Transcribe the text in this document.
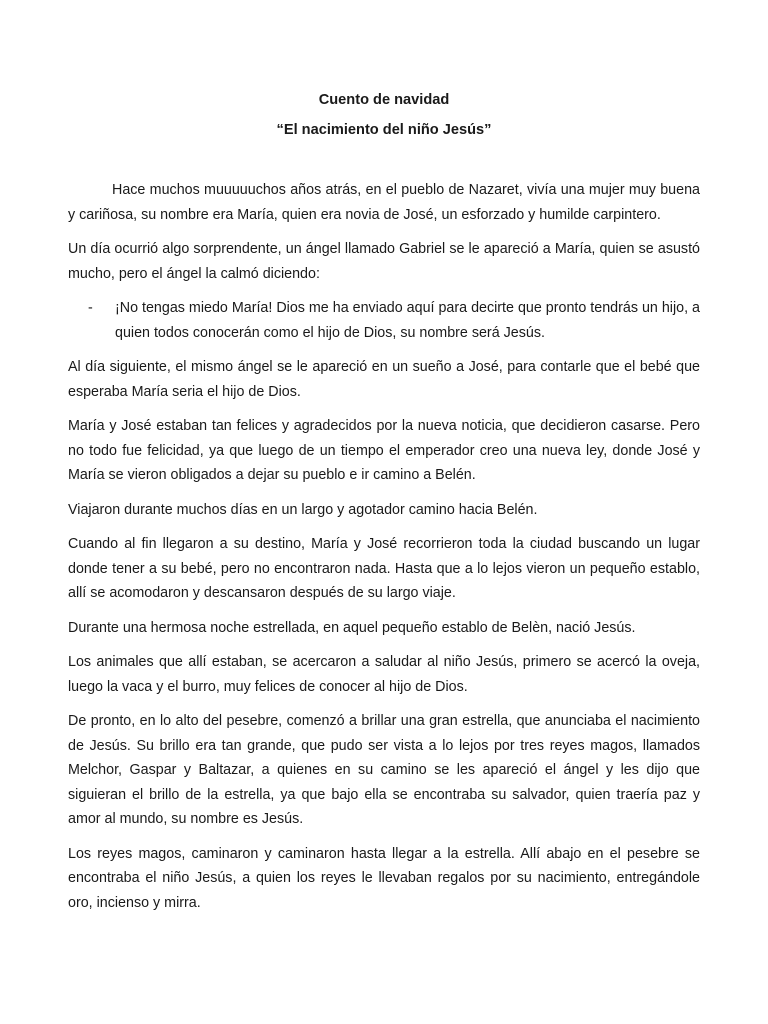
Cuento de navidad
“El nacimiento del niño Jesús”

Hace muchos muuuuuchos años atrás, en el pueblo de Nazaret, vivía una mujer muy buena y cariñosa, su nombre era María, quien era novia de José, un esforzado y humilde carpintero.

Un día ocurrió algo sorprendente, un ángel llamado Gabriel se le apareció a María, quien se asustó mucho, pero el ángel la calmó diciendo:

- ¡No tengas miedo María! Dios me ha enviado aquí para decirte que pronto tendrás un hijo, a quien todos conocerán como el hijo de Dios, su nombre será Jesús.

Al día siguiente, el mismo ángel se le apareció en un sueño a José, para contarle que el bebé que esperaba María seria el hijo de Dios.

María y José estaban tan felices y agradecidos por la nueva noticia, que decidieron casarse. Pero no todo fue felicidad, ya que luego de un tiempo el emperador creo una nueva ley, donde José y María se vieron obligados a dejar su pueblo e ir camino a Belén.

Viajaron durante muchos días en un largo y agotador camino hacia Belén.

Cuando al fin llegaron a su destino, María y José recorrieron toda la ciudad buscando un lugar donde tener a su bebé, pero no encontraron nada. Hasta que a lo lejos vieron un pequeño establo, allí se acomodaron y descansaron después de su largo viaje.

Durante una hermosa noche estrellada, en aquel pequeño establo de Belèn, nació Jesús.

Los animales que allí estaban, se acercaron a saludar al niño Jesús, primero se acercó la oveja, luego la vaca y el burro, muy felices de conocer al hijo de Dios.

De pronto, en lo alto del pesebre, comenzó a brillar una gran estrella, que anunciaba el nacimiento de Jesús. Su brillo era tan grande, que pudo ser vista a lo lejos por tres reyes magos, llamados Melchor, Gaspar y Baltazar, a quienes en su camino se les apareció el ángel y les dijo que siguieran el brillo de la estrella, ya que bajo ella se encontraba su salvador, quien traería paz y amor al mundo, su nombre es Jesús.

Los reyes magos, caminaron y caminaron hasta llegar a la estrella. Allí abajo en el pesebre se encontraba el niño Jesús, a quien los reyes le llevaban regalos por su nacimiento, entregándole oro, incienso y mirra.
